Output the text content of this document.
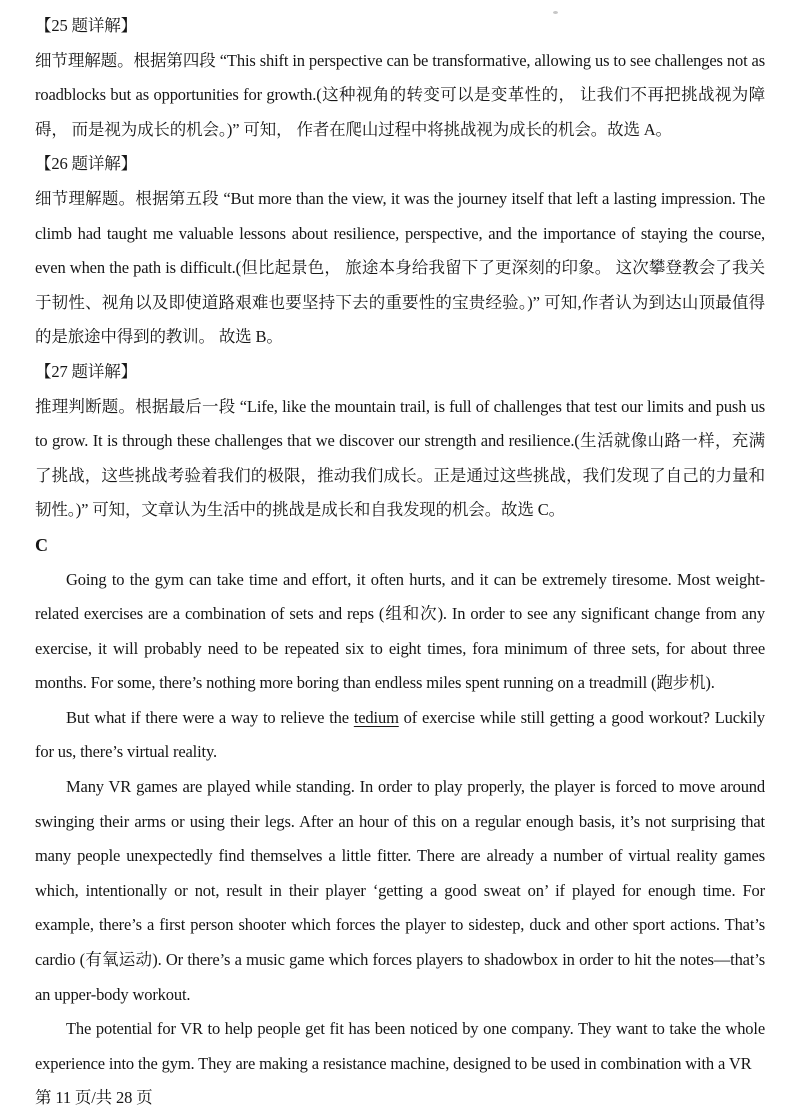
【25 题详解】

细节理解题。根据第四段 “This shift in perspective can be transformative, allowing us to see challenges not as roadblocks but as opportunities for growth.(这种视角的转变可以是变革性的， 让我们不再把挑战视为障碍， 而是视为成长的机会。)” 可知， 作者在爬山过程中将挑战视为成长的机会。故选 A。

【26 题详解】

细节理解题。根据第五段 “But more than the view, it was the journey itself that left a lasting impression. The climb had taught me valuable lessons about resilience, perspective, and the importance of staying the course, even when the path is difficult.(但比起景色， 旅途本身给我留下了更深刻的印象。 这次攀登教会了我关于韧性、视角以及即使道路艰难也要坚持下去的重要性的宝贵经验。)” 可知,作者认为到达山顶最值得的是旅途中得到的教训。 故选 B。

【27 题详解】

推理判断题。根据最后一段 “Life, like the mountain trail, is full of challenges that test our limits and push us to grow. It is through these challenges that we discover our strength and resilience.(生活就像山路一样，充满了挑战，这些挑战考验着我们的极限，推动我们成长。正是通过这些挑战，我们发现了自己的力量和韧性。)” 可知，文章认为生活中的挑战是成长和自我发现的机会。故选 C。

C

Going to the gym can take time and effort, it often hurts, and it can be extremely tiresome. Most weight-related exercises are a combination of sets and reps (组和次). In order to see any significant change from any exercise, it will probably need to be repeated six to eight times, fora minimum of three sets, for about three months. For some, there’s nothing more boring than endless miles spent running on a treadmill (跑步机).

But what if there were a way to relieve the tedium of exercise while still getting a good workout? Luckily for us, there’s virtual reality.

Many VR games are played while standing. In order to play properly, the player is forced to move around swinging their arms or using their legs. After an hour of this on a regular enough basis, it’s not surprising that many people unexpectedly find themselves a little fitter. There are already a number of virtual reality games which, intentionally or not, result in their player ‘getting a good sweat on’ if played for enough time. For example, there’s a first person shooter which forces the player to sidestep, duck and other sport actions. That’s cardio (有氧运动). Or there’s a music game which forces players to shadowbox in order to hit the notes—that’s an upper-body workout.

The potential for VR to help people get fit has been noticed by one company. They want to take the whole experience into the gym. They are making a resistance machine, designed to be used in combination with a VR

第 11 页/共 28 页
